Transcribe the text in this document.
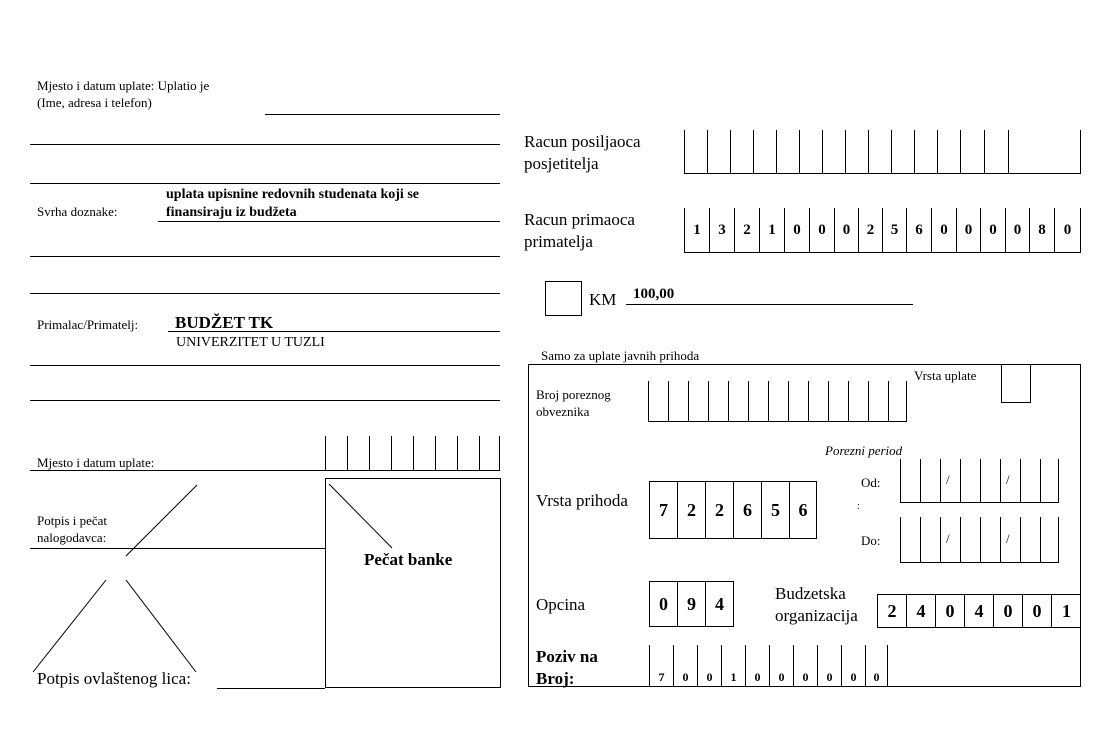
Mjesto i datum uplate: Uplatio je
(Ime, adresa i telefon)
Svrha doznake:
uplata upisnine redovnih studenata koji se
finansiraju iz budžeta
Primalac/Primatelj: BUDŽET TK
UNIVERZITET U TUZLI
Mjesto i datum uplate:
Potpis i pečat
nalogodavca:
Pečat banke
Potpis ovlaštenog lica:
Racun posiljaoca
posjetitelja
Racun primaoca
primatelja
1	3	2	1	0	0	0	2	5	6	0	0	0	0	8	0
KM 100,00
Samo za uplate javnih prihoda
Vrsta uplate
Broj poreznog
obveznika
Porezni period
Od:	/	/
:
Do:	/	/
Vrsta prihoda	7	2	2	6	5	6
Opcina	0	9	4	Budzetska
organizacija	2	4	0	4	0	0	1
Poziv na
Broj:	7	0	0	1	0	0	0	0	0	0
